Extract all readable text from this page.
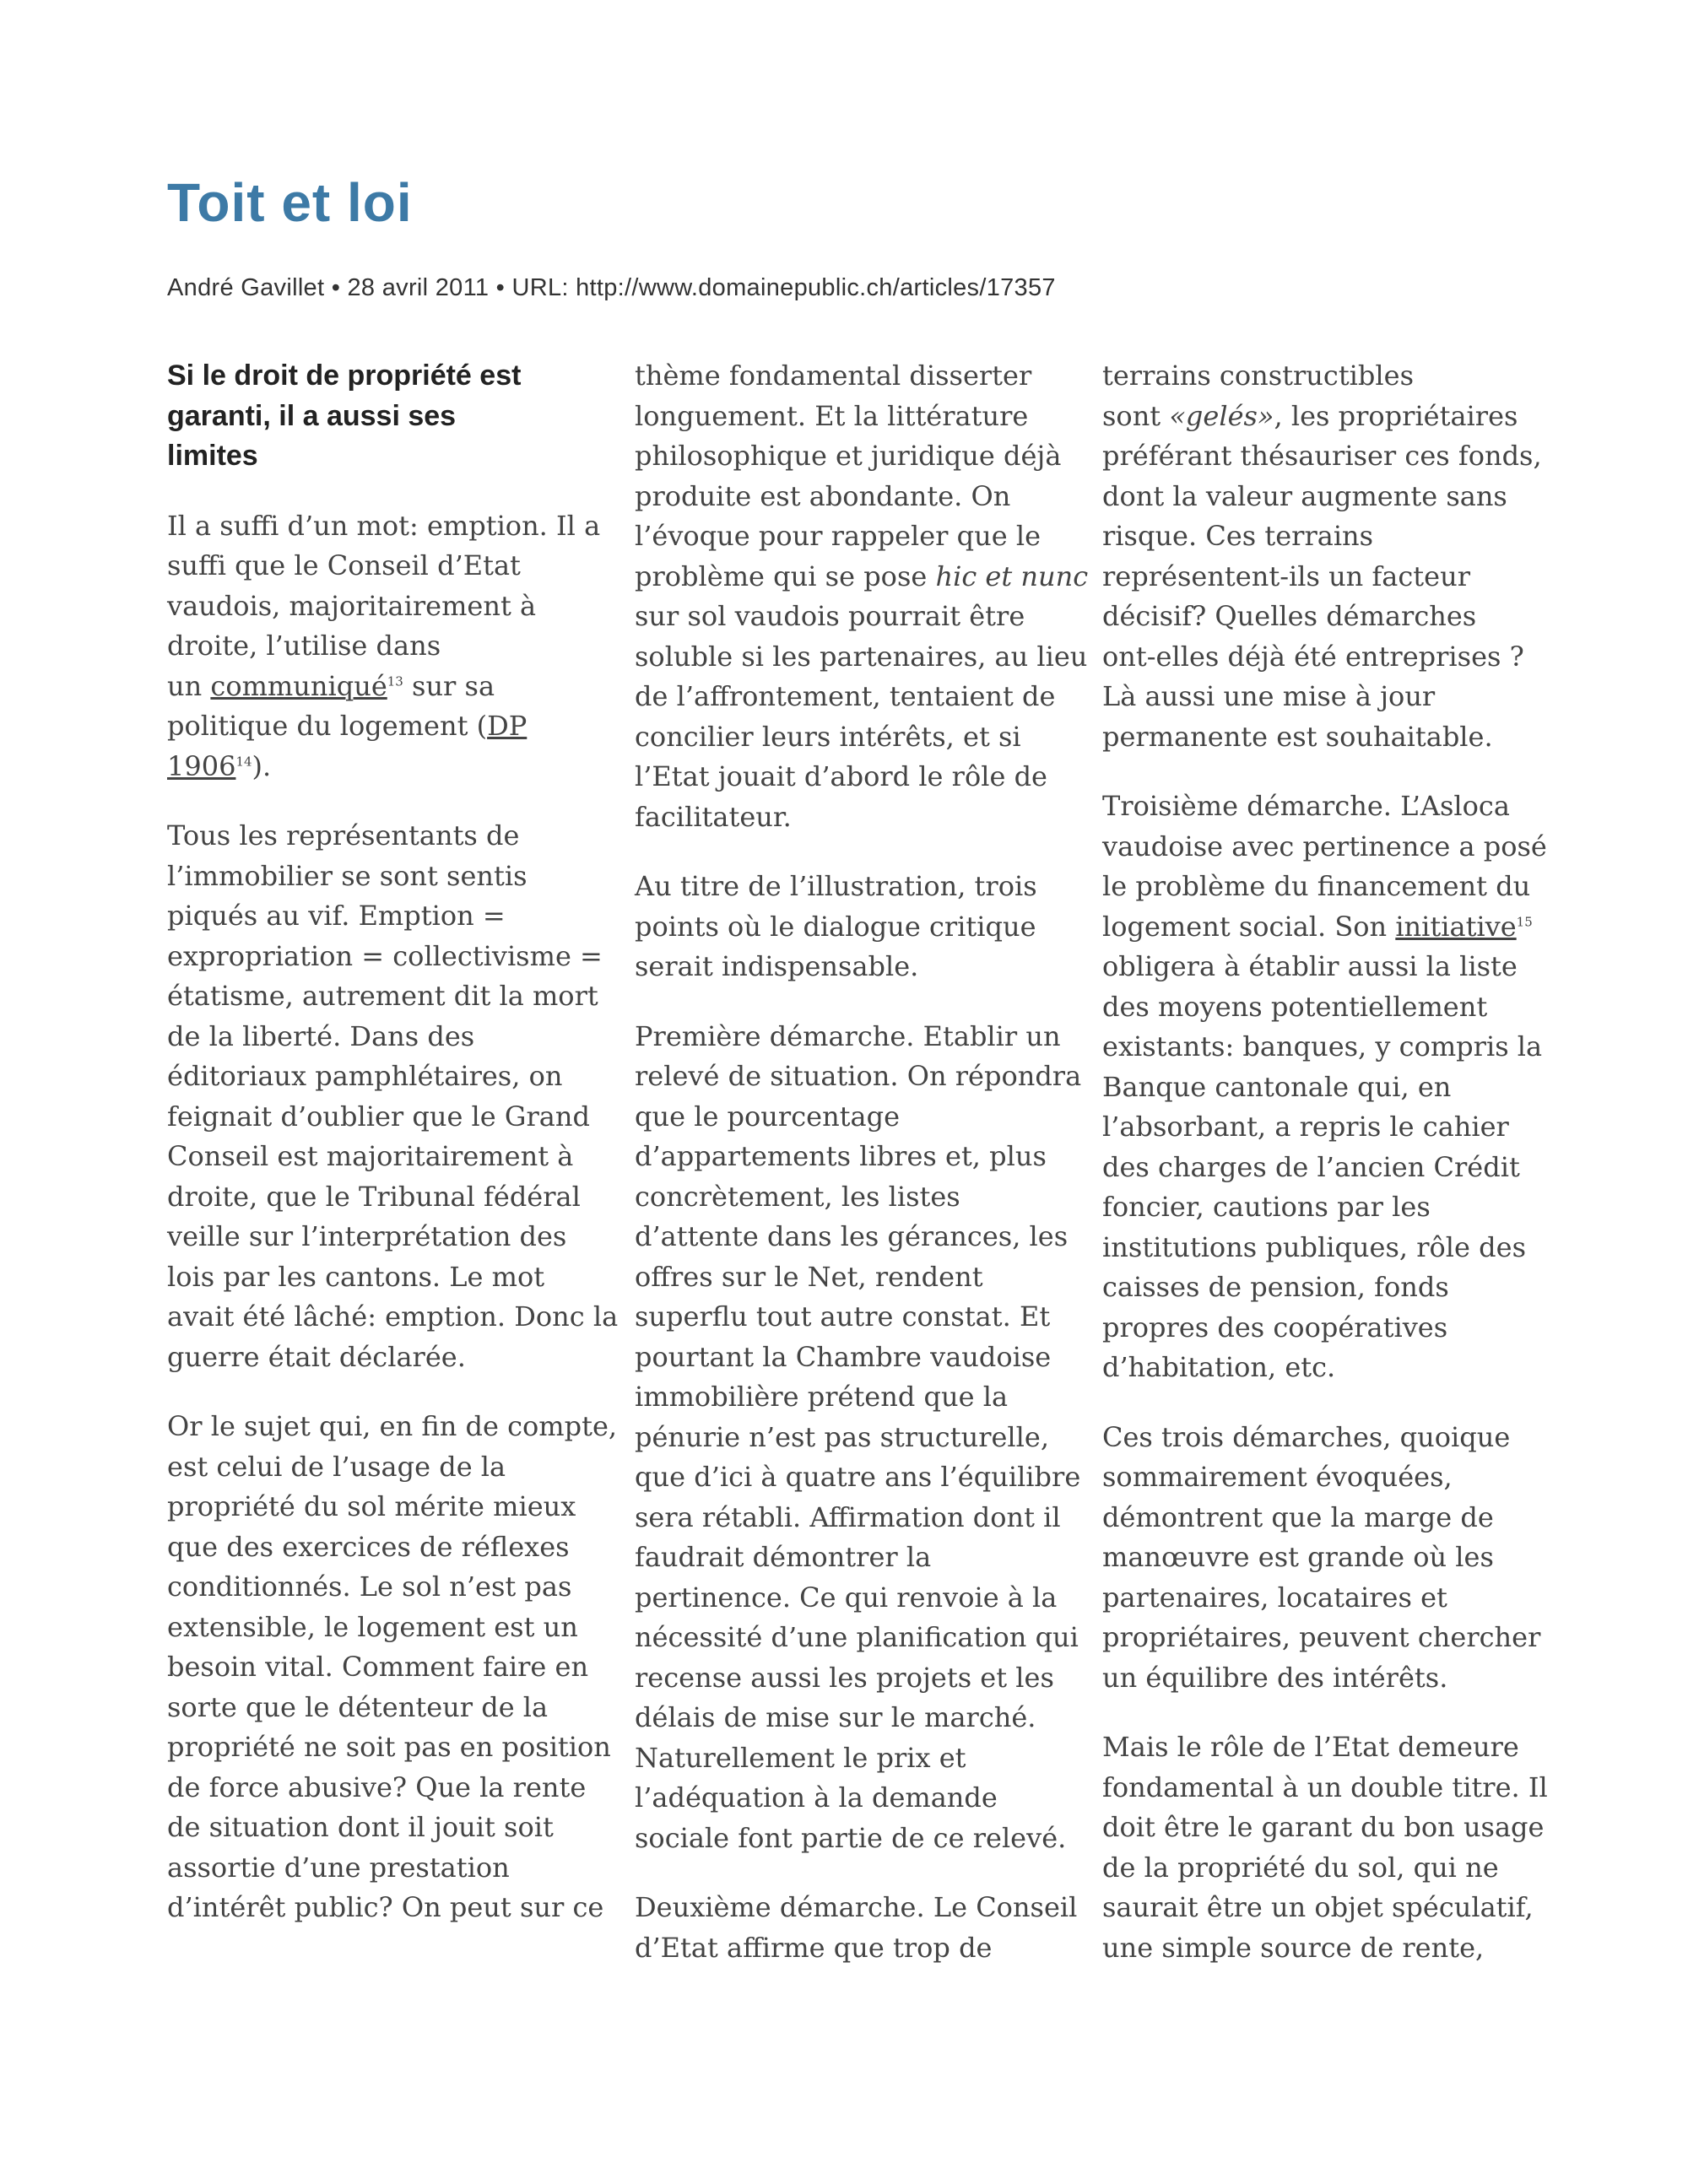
Toit et loi
André Gavillet • 28 avril 2011 • URL: http://www.domainepublic.ch/articles/17357
Si le droit de propriété est
garanti, il a aussi ses
limites

Il a suffi d’un mot: emption. Il a
suffi que le Conseil d’Etat
vaudois, majoritairement à
droite, l’utilise dans
un communiqué$^{13}$ sur sa
politique du logement (DP
1906$^{14}$).

Tous les représentants de
l’immobilier se sont sentis
piqués au vif. Emption =
expropriation = collectivisme =
étatisme, autrement dit la mort
de la liberté. Dans des
éditoriaux pamphlétaires, on
feignait d’oublier que le Grand
Conseil est majoritairement à
droite, que le Tribunal fédéral
veille sur l’interprétation des
lois par les cantons. Le mot
avait été lâché: emption. Donc la
guerre était déclarée.

Or le sujet qui, en fin de compte,
est celui de l’usage de la
propriété du sol mérite mieux
que des exercices de réflexes
conditionnés. Le sol n’est pas
extensible, le logement est un
besoin vital. Comment faire en
sorte que le détenteur de la
propriété ne soit pas en position
de force abusive? Que la rente
de situation dont il jouit soit
assortie d’une prestation
d’intérêt public? On peut sur ce

thème fondamental disserter
longuement. Et la littérature
philosophique et juridique déjà
produite est abondante. On
l’évoque pour rappeler que le
problème qui se pose hic et nunc
sur sol vaudois pourrait être
soluble si les partenaires, au lieu
de l’affrontement, tentaient de
concilier leurs intérêts, et si
l’Etat jouait d’abord le rôle de
facilitateur.

Au titre de l’illustration, trois
points où le dialogue critique
serait indispensable.

Première démarche. Etablir un
relevé de situation. On répondra
que le pourcentage
d’appartements libres et, plus
concrètement, les listes
d’attente dans les gérances, les
offres sur le Net, rendent
superflu tout autre constat. Et
pourtant la Chambre vaudoise
immobilière prétend que la
pénurie n’est pas structurelle,
que d’ici à quatre ans l’équilibre
sera rétabli. Affirmation dont il
faudrait démontrer la
pertinence. Ce qui renvoie à la
nécessité d’une planification qui
recense aussi les projets et les
délais de mise sur le marché.
Naturellement le prix et
l’adéquation à la demande
sociale font partie de ce relevé.

Deuxième démarche. Le Conseil
d’Etat affirme que trop de

terrains constructibles
sont «gelés», les propriétaires
préférant thésauriser ces fonds,
dont la valeur augmente sans
risque. Ces terrains
représentent-ils un facteur
décisif? Quelles démarches
ont-elles déjà été entreprises ?
Là aussi une mise à jour
permanente est souhaitable.

Troisième démarche. L’Asloca
vaudoise avec pertinence a posé
le problème du financement du
logement social. Son initiative$^{15}$
obligera à établir aussi la liste
des moyens potentiellement
existants: banques, y compris la
Banque cantonale qui, en
l’absorbant, a repris le cahier
des charges de l’ancien Crédit
foncier, cautions par les
institutions publiques, rôle des
caisses de pension, fonds
propres des coopératives
d’habitation, etc.

Ces trois démarches, quoique
sommairement évoquées,
démontrent que la marge de
manœuvre est grande où les
partenaires, locataires et
propriétaires, peuvent chercher
un équilibre des intérêts.

Mais le rôle de l’Etat demeure
fondamental à un double titre. Il
doit être le garant du bon usage
de la propriété du sol, qui ne
saurait être un objet spéculatif,
une simple source de rente,
